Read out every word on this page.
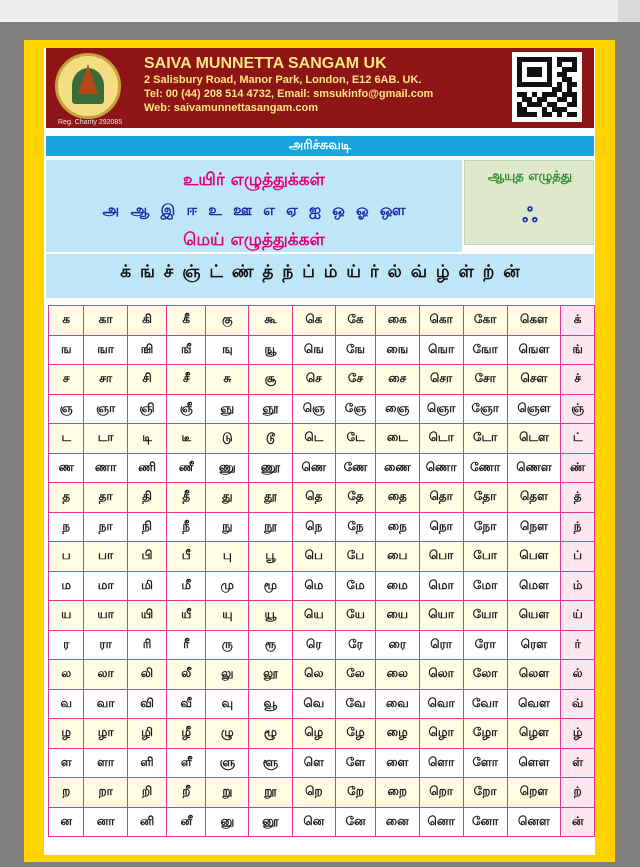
SAIVA MUNNETTA SANGAM UK
2 Salisbury Road, Manor Park, London, E12 6AB. UK.
Tel: 00 (44) 208 514 4732, Email: smsukinfo@gmail.com
Web: saivamunnettasangam.com
Reg. Charity 292085
அரிச்சுவடி
உயிர் எழுத்துக்கள்
அ ஆ இ ஈ உ ஊ எ ஏ ஐ ஒ ஓ ஔ
மெய் எழுத்துக்கள்
ஆயுத எழுத்து
ஃ
க் ங் ச் ஞ் ட் ண் த் ந் ப் ம் ய் ர் ல் வ் ழ் ள் ற் ன்
க	கா	கி	கீ	கு	கூ	கெ	கே	கை	கொ	கோ	கௌ	க்
ங	ஙா	ஙி	ஙீ	ஙு	ஙூ	ஙெ	ஙே	ஙை	ஙொ	ஙோ	ஙௌ	ங்
ச	சா	சி	சீ	சு	சூ	செ	சே	சை	சொ	சோ	சௌ	ச்
ஞ	ஞா	ஞி	ஞீ	ஞு	ஞூ	ஞெ	ஞே	ஞை	ஞொ	ஞோ	ஞௌ	ஞ்
ட	டா	டி	டீ	டு	டூ	டெ	டே	டை	டொ	டோ	டௌ	ட்
ண	ணா	ணி	ணீ	ணு	ணூ	ணெ	ணே	ணை	ணொ	ணோ	ணௌ	ண்
த	தா	தி	தீ	து	தூ	தெ	தே	தை	தொ	தோ	தௌ	த்
ந	நா	நி	நீ	நு	நூ	நெ	நே	நை	நொ	நோ	நௌ	ந்
ப	பா	பி	பீ	பு	பூ	பெ	பே	பை	பொ	போ	பௌ	ப்
ம	மா	மி	மீ	மு	மூ	மெ	மே	மை	மொ	மோ	மௌ	ம்
ய	யா	யி	யீ	யு	யூ	யெ	யே	யை	யொ	யோ	யௌ	ய்
ர	ரா	ரி	ரீ	ரு	ரூ	ரெ	ரே	ரை	ரொ	ரோ	ரௌ	ர்
ல	லா	லி	லீ	லு	லூ	லெ	லே	லை	லொ	லோ	லௌ	ல்
வ	வா	வி	வீ	வு	வூ	வெ	வே	வை	வொ	வோ	வௌ	வ்
ழ	ழா	ழி	ழீ	ழு	ழூ	ழெ	ழே	ழை	ழொ	ழோ	ழௌ	ழ்
ள	ளா	ளி	ளீ	ளு	ளூ	ளெ	ளே	ளை	ளொ	ளோ	ளௌ	ள்
ற	றா	றி	றீ	று	றூ	றெ	றே	றை	றொ	றோ	றௌ	ற்
ன	னா	னி	னீ	னு	னூ	னெ	னே	னை	னொ	னோ	னௌ	ன்
